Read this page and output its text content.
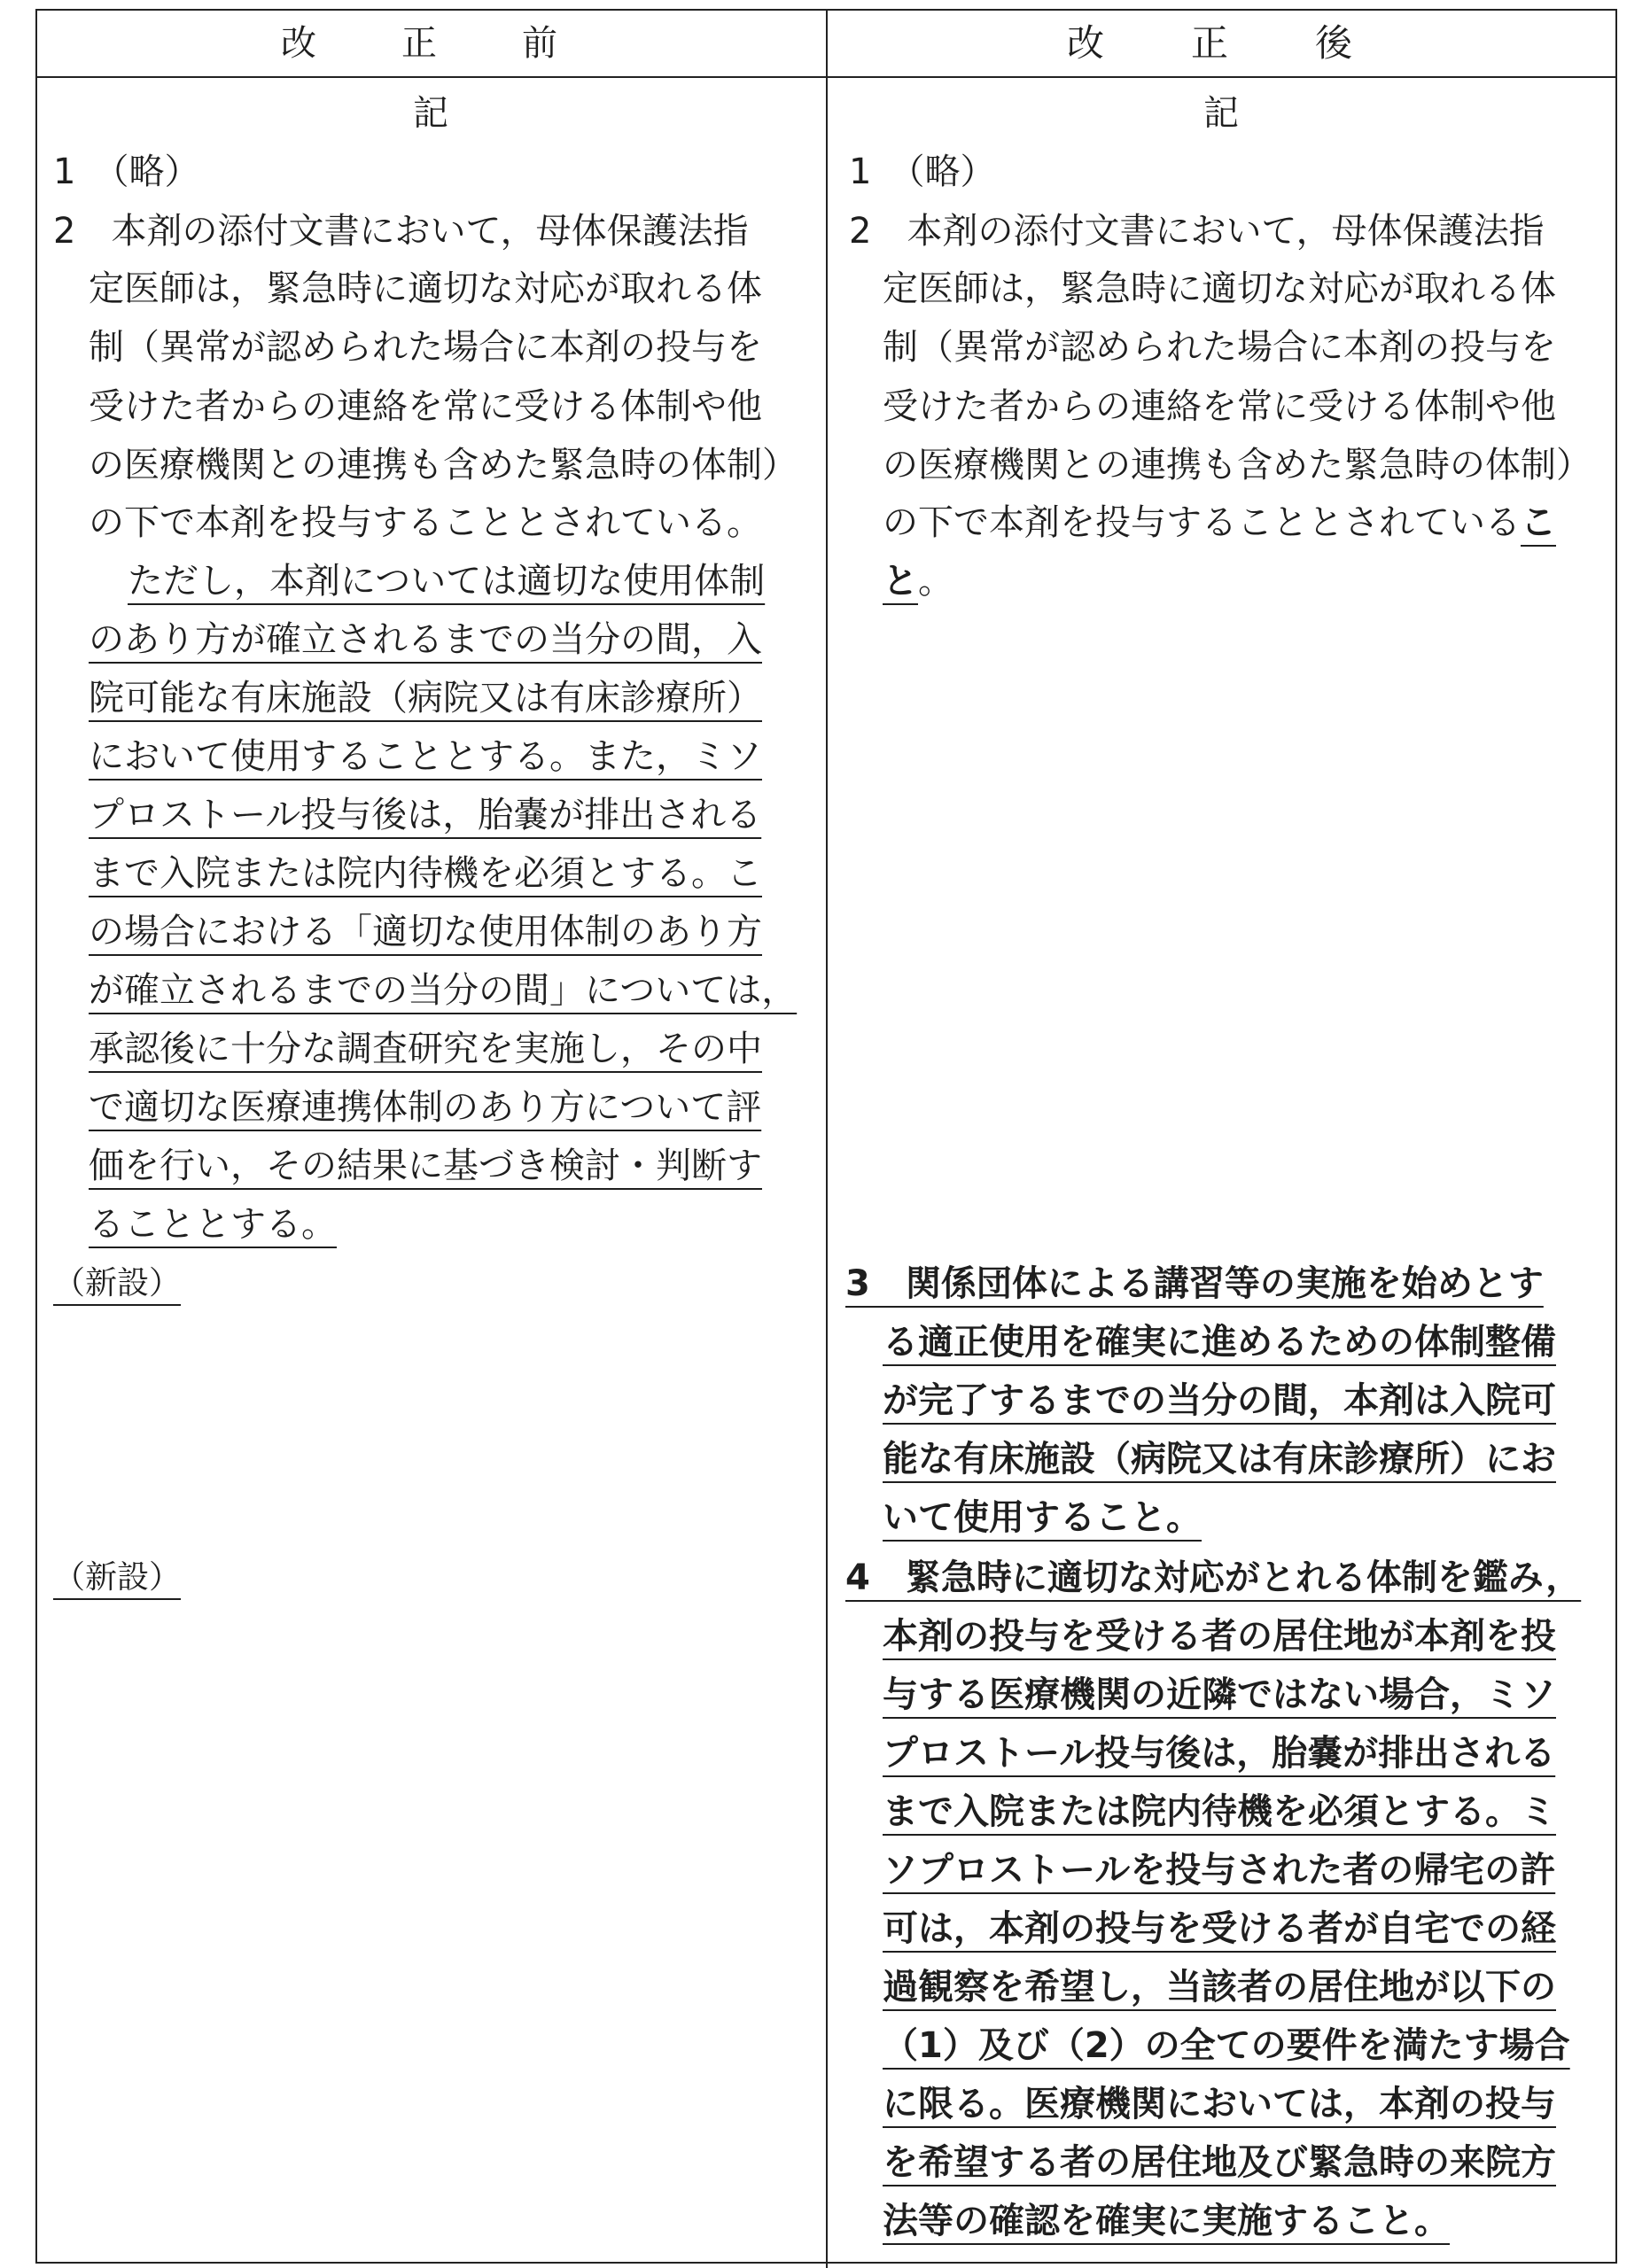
改　正　前	改　正　後
記
1　（略）
2　本剤の添付文書において，母体保護法指
定医師は，緊急時に適切な対応が取れる体
制（異常が認められた場合に本剤の投与を
受けた者からの連絡を常に受ける体制や他
の医療機関との連携も含めた緊急時の体制）
の下で本剤を投与することとされている。
ただし，本剤については適切な使用体制
のあり方が確立されるまでの当分の間，入
院可能な有床施設（病院又は有床診療所）
において使用することとする。また，ミソ
プロストール投与後は，胎嚢が排出される
まで入院または院内待機を必須とする。こ
の場合における「適切な使用体制のあり方
が確立されるまでの当分の間」については，
承認後に十分な調査研究を実施し，その中
で適切な医療連携体制のあり方について評
価を行い，その結果に基づき検討・判断す
ることとする。
（新設）
（新設）
記
1　（略）
2　本剤の添付文書において，母体保護法指
定医師は，緊急時に適切な対応が取れる体
制（異常が認められた場合に本剤の投与を
受けた者からの連絡を常に受ける体制や他
の医療機関との連携も含めた緊急時の体制）
の下で本剤を投与することとされているこ
と。
3　関係団体による講習等の実施を始めとす
る適正使用を確実に進めるための体制整備
が完了するまでの当分の間，本剤は入院可
能な有床施設（病院又は有床診療所）にお
いて使用すること。
4　緊急時に適切な対応がとれる体制を鑑み，
本剤の投与を受ける者の居住地が本剤を投
与する医療機関の近隣ではない場合，ミソ
プロストール投与後は，胎嚢が排出される
まで入院または院内待機を必須とする。ミ
ソプロストールを投与された者の帰宅の許
可は，本剤の投与を受ける者が自宅での経
過観察を希望し，当該者の居住地が以下の
（1）及び（2）の全ての要件を満たす場合
に限る。医療機関においては，本剤の投与
を希望する者の居住地及び緊急時の来院方
法等の確認を確実に実施すること。
